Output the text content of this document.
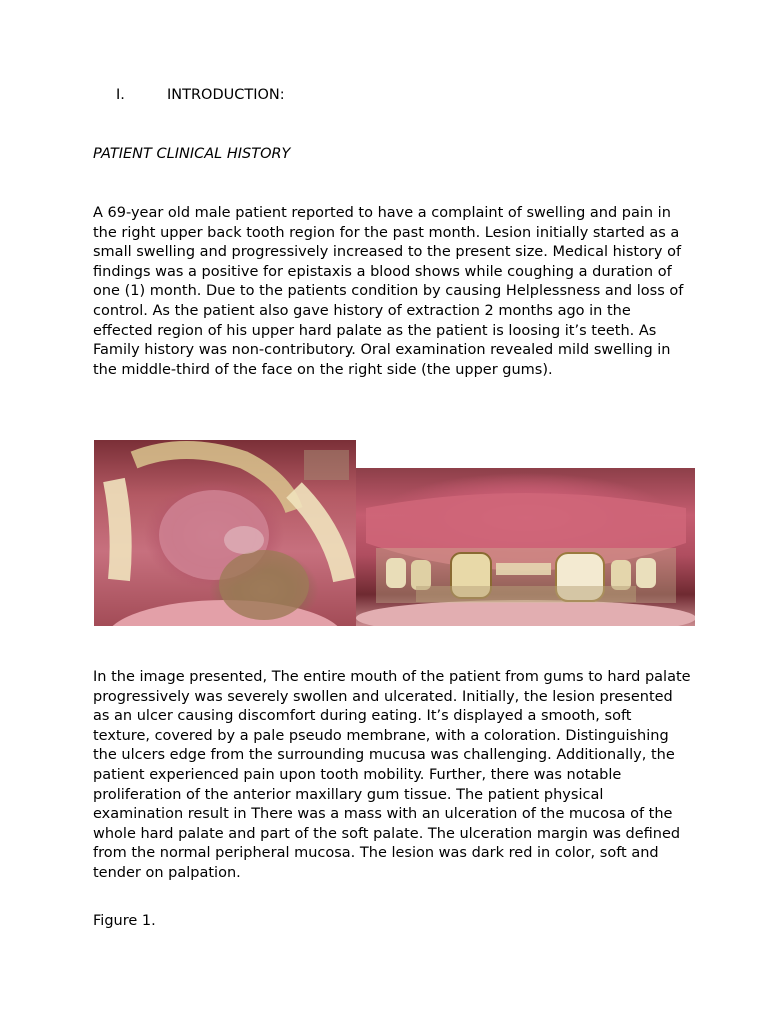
I.	INTRODUCTION:
PATIENT CLINICAL HISTORY

A 69-year old male patient reported to have a complaint of swelling and pain in the right upper back tooth region for the past month. Lesion initially started as a small swelling and progressively increased to the present size. Medical history of findings was a positive for epistaxis a blood shows while coughing a duration of one (1) month. Due to the patients condition by causing Helplessness and loss of control. As the patient also gave history of extraction 2 months ago in the effected region of his upper hard palate as the patient is loosing it’s teeth. As Family history was non-contributory. Oral examination revealed mild swelling in the middle-third of the face on the right side (the upper gums).

In the image presented, The entire mouth of the patient from gums to hard palate progressively was severely swollen and ulcerated. Initially, the lesion presented as an ulcer causing discomfort during eating. It’s displayed a smooth, soft texture, covered by a pale pseudo membrane, with a coloration. Distinguishing the ulcers edge from the surrounding mucusa was challenging. Additionally, the patient experienced pain upon tooth mobility. Further, there was notable proliferation of the anterior maxillary gum tissue. The patient physical examination result in There was a mass with an ulceration of the mucosa of the whole hard palate and part of the soft palate. The ulceration margin was defined from the normal peripheral mucosa. The lesion was dark red in color, soft and tender on palpation.

Figure 1.
